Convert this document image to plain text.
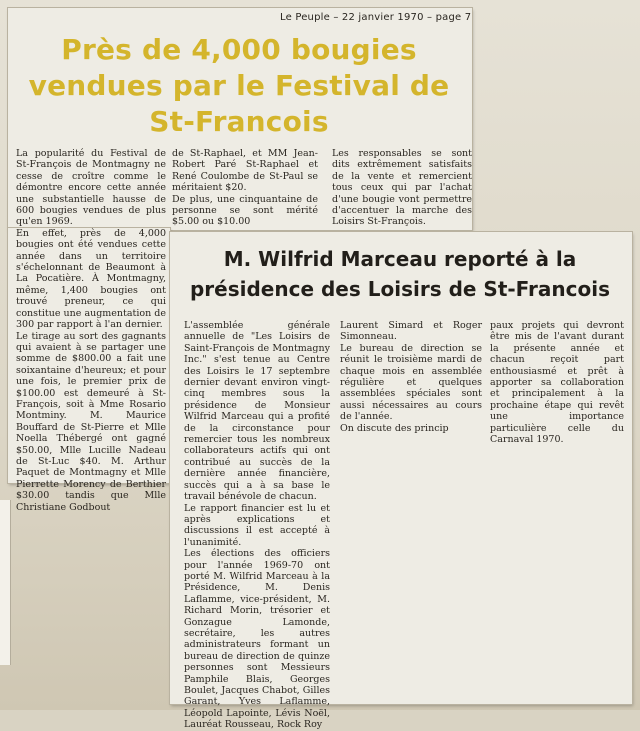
Le Peuple – 22 janvier 1970 – page 7
Près de 4,000 bougies vendues par le Festival de St-Francois
La popularité du Festival de St-François de Montmagny ne cesse de croître comme le démontre encore cette année une substantielle hausse de 600 bougies vendues de plus qu'en 1969.
En effet, près de 4,000 bougies ont été vendues cette année dans un territoire s'échelonnant de Beaumont à La Pocatière. À Montmagny, même, 1,400 bougies ont trouvé preneur, ce qui constitue une augmentation de 300 par rapport à l'an dernier.
Le tirage au sort des gagnants qui avaient à se partager une somme de $800.00 a fait une soixantaine d'heureux; et pour une fois, le premier prix de $100.00 est demeuré à St-François, soit à Mme Rosario Montminy. M. Maurice Bouffard de St-Pierre et Mlle Noella Thébergé ont gagné $50.00, Mlle Lucille Nadeau de St-Luc $40. M. Arthur Paquet de Montmagny et Mlle Pierrette Morency de Berthier $30.00 tandis que Mlle Christiane Godbout
de St-Raphael, et MM Jean-Robert Paré St-Raphael et René Coulombe de St-Paul se méritaient $20.
De plus, une cinquantaine de personne se sont mérité $5.00 ou $10.00
Les responsables se sont dits extrêmement satisfaits de la vente et remercient tous ceux qui par l'achat d'une bougie vont permettre d'accentuer la marche des Loisirs St-François.
M. Wilfrid Marceau reporté à la présidence des Loisirs de St-Francois
L'assemblée générale annuelle de "Les Loisirs de Saint-François de Montmagny Inc." s'est tenue au Centre des Loisirs le 17 septembre dernier devant environ vingt-cinq membres sous la présidence de Monsieur Wilfrid Marceau qui a profité de la circonstance pour remercier tous les nombreux collaborateurs actifs qui ont contribué au succès de la dernière année financière, succès qui a à sa base le travail bénévole de chacun.
Le rapport financier est lu et après explications et discussions il est accepté à l'unanimité.
Les élections des officiers pour l'année 1969-70 ont porté M. Wilfrid Marceau à la Présidence, M. Denis Laflamme, vice-président, M. Richard Morin, trésorier et Gonzague Lamonde, secrétaire, les autres administrateurs formant un bureau de direction de quinze personnes sont Messieurs Pamphile Blais, Georges Boulet, Jacques Chabot, Gilles Garant, Yves Laflamme, Léopold Lapointe, Lévis Noël, Lauréat Rousseau, Rock Roy
Laurent Simard et Roger Simonneau.
Le bureau de direction se réunit le troisième mardi de chaque mois en assemblée régulière et quelques assemblées spéciales sont aussi nécessaires au cours de l'année.
On discute des princip
paux projets qui devront être mis de l'avant durant la présente année et chacun reçoit part enthousiasmé et prêt à apporter sa collaboration et principalement à la prochaine étape qui revêt une importance particulière celle du Carnaval 1970.
